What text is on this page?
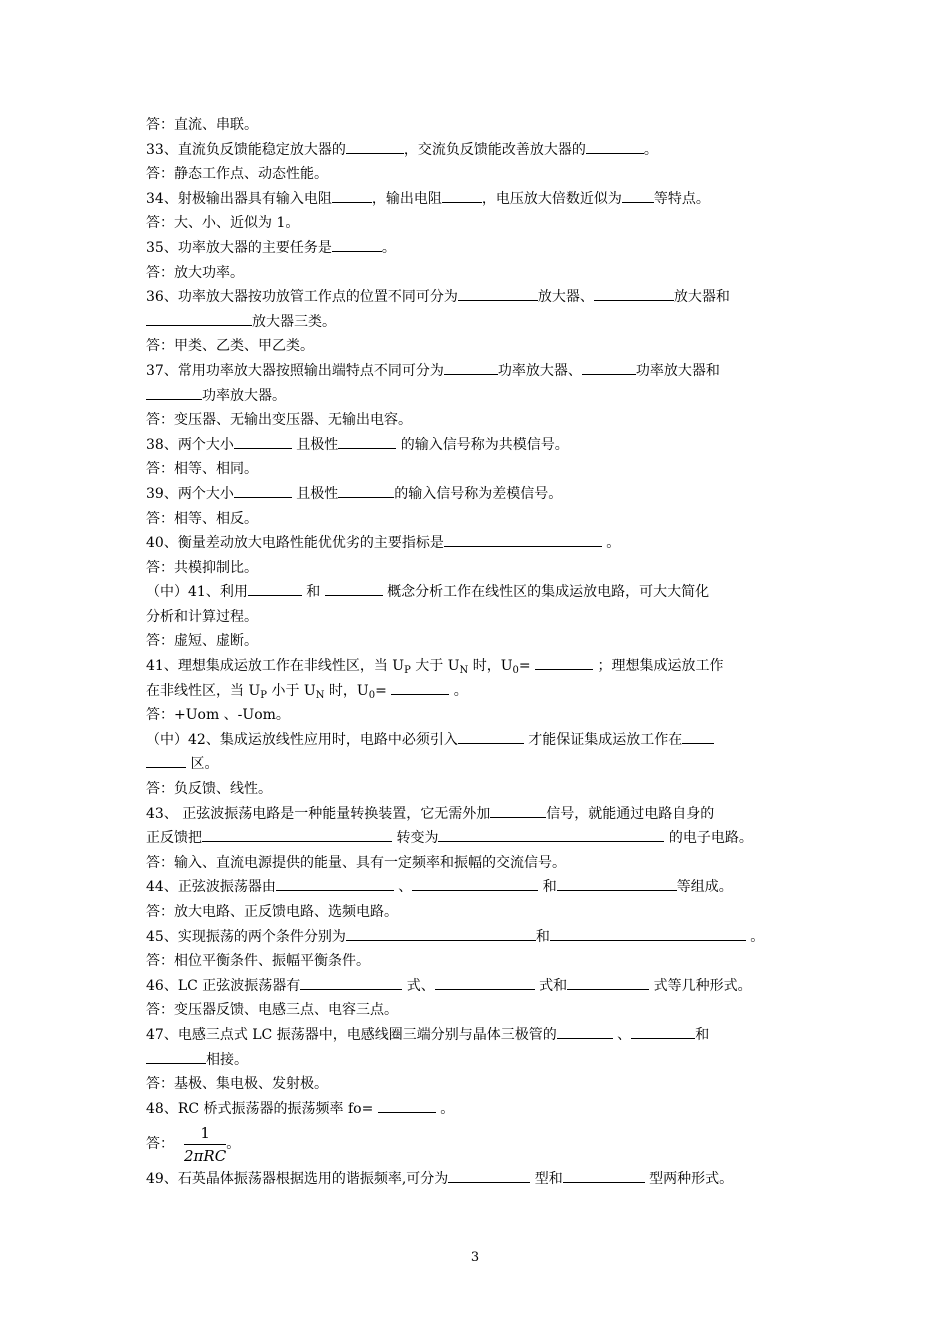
答：直流、串联。
33、直流负反馈能稳定放大器的	，交流负反馈能改善放大器的	。
答：静态工作点、动态性能。
34、射极输出器具有输入电阻	，输出电阻	，电压放大倍数近似为 等特点。
答：大、小、近似为 1。
35、功率放大器的主要任务是	。
答：放大功率。
36、功率放大器按功放管工作点的位置不同可分为	放大器、	放大器和
放大器三类。
答：甲类、乙类、甲乙类。
37、常用功率放大器按照输出端特点不同可分为	功率放大器、	功率放大器和
功率放大器。
答：变压器、无输出变压器、无输出电容。
38、两个大小	且极性	的输入信号称为共模信号。
答：相等、相同。
39、两个大小	且极性	的输入信号称为差模信号。
答：相等、相反。
40、衡量差动放大电路性能优优劣的主要指标是	。
答：共模抑制比。
（中）41、利用	和	概念分析工作在线性区的集成运放电路，可大大简化
分析和计算过程。
答：虚短、虚断。
41、理想集成运放工作在非线性区，当 $U_P$ 大于 $U_N$ 时，$U_0=$	；理想集成运放工作
在非线性区，当 $U_P$ 小于 $U_N$ 时，$U_0=$	。
答：+Uom 、-Uom。
（中）42、集成运放线性应用时，电路中必须引入	才能保证集成运放工作在
区。
答：负反馈、线性。
43、 正弦波振荡电路是一种能量转换装置，它无需外加	信号，就能通过电路自身的
正反馈把	转变为	的电子电路。
答：输入、直流电源提供的能量、具有一定频率和振幅的交流信号。
44、正弦波振荡器由	、	和	等组成。
答：放大电路、正反馈电路、选频电路。
45、实现振荡的两个条件分别为	和	。
答：相位平衡条件、振幅平衡条件。
46、LC 正弦波振荡器有	式、	式和	式等几种形式。
答：变压器反馈、电感三点、电容三点。
47、电感三点式 LC 振荡器中，电感线圈三端分别与晶体三极管的	、	和
相接。
答：基极、集电极、发射极。
48、RC 桥式振荡器的振荡频率 fo=	。
答： $\frac{1}{\text{2πRC}}$ 。
49、石英晶体振荡器根据选用的谐振频率,可分为	型和	型两种形式。
3
